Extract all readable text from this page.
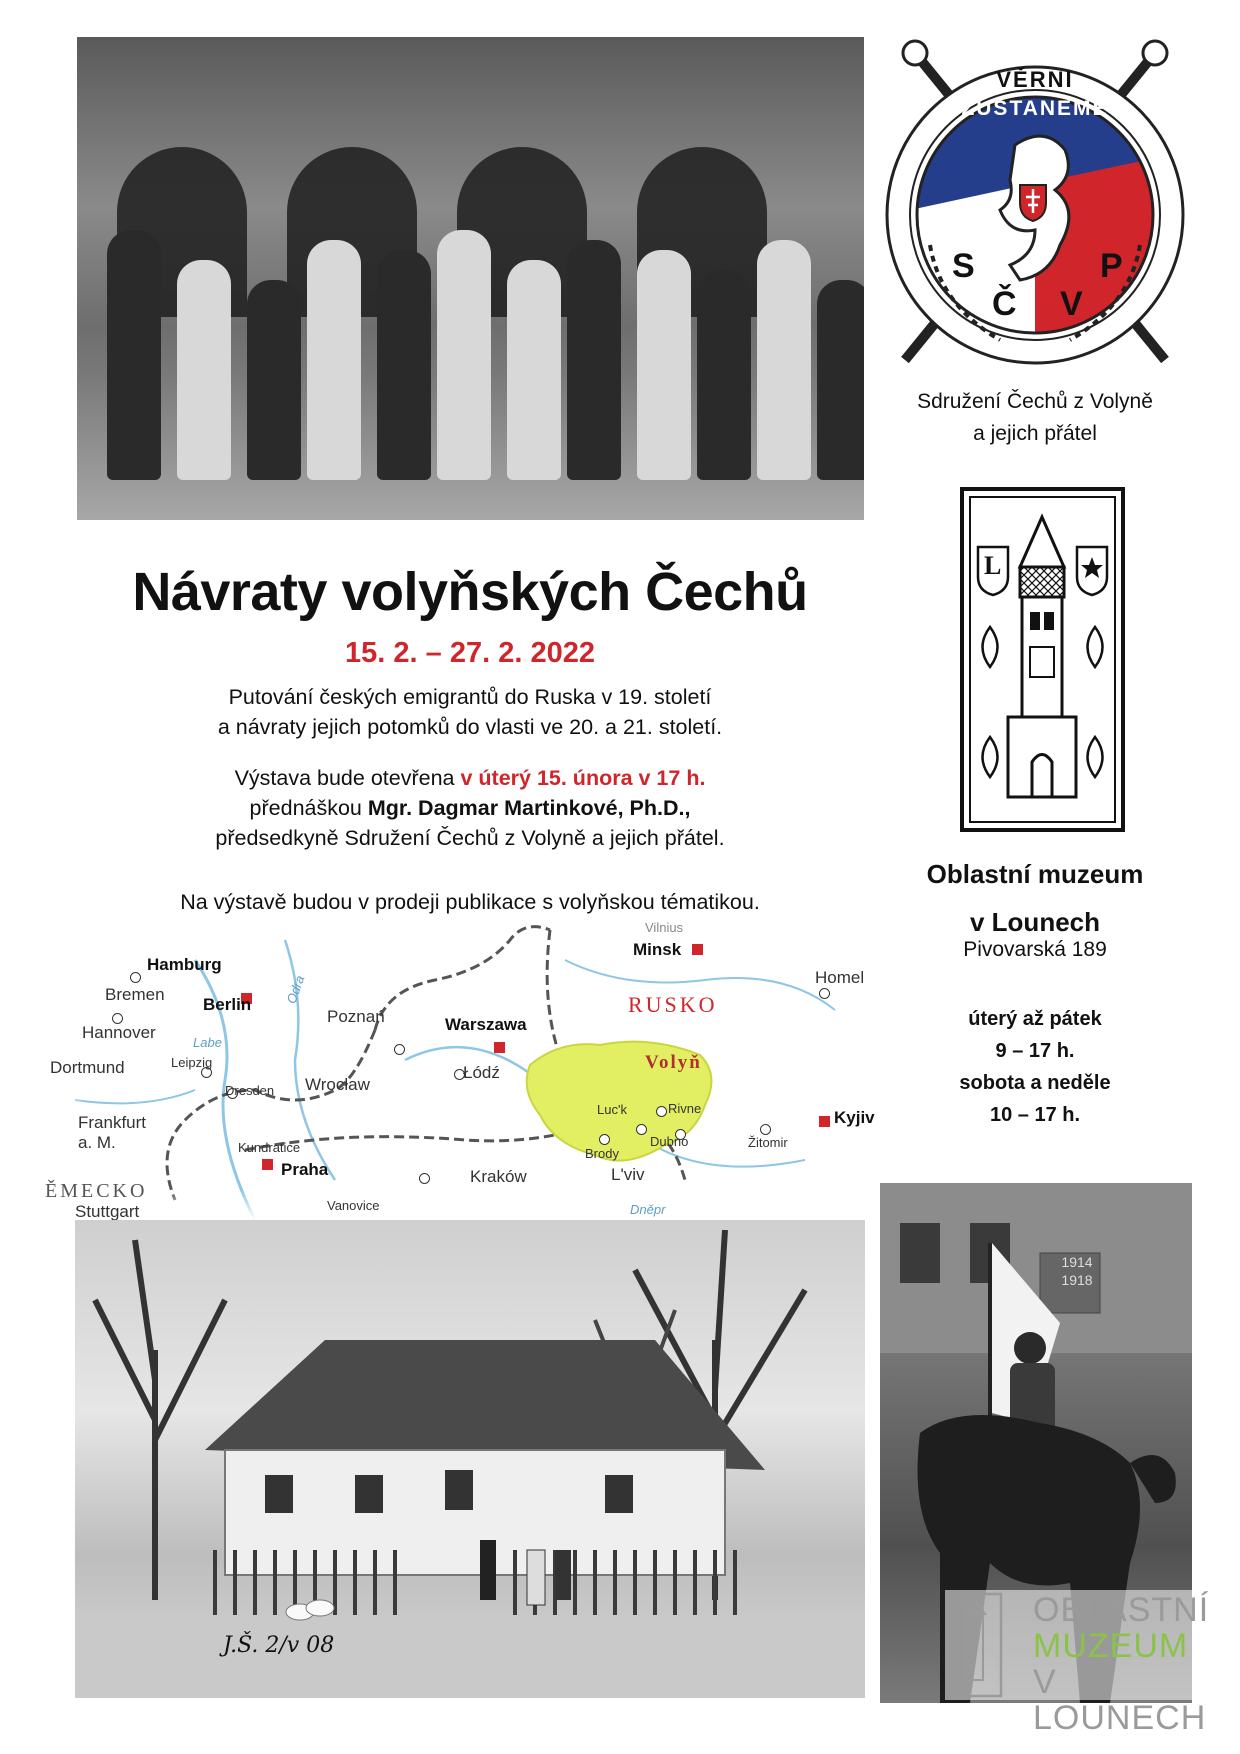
VĚRNI
ZŮSTANEME
S	P
Č V
Sdružení Čechů z Volyně
a jejich přátel
L
Oblastní muzeum
v Lounech
Pivovarská 189
úterý až pátek
9 – 17 h.
sobota a neděle
10 – 17 h.
Návraty volyňských Čechů
15. 2. – 27. 2. 2022
Putování českých emigrantů do Ruska v 19. století
a návraty jejich potomků do vlasti ve 20. a 21. století.
Výstava bude otevřena v úterý 15. února v 17 h.
přednáškou Mgr. Dagmar Martinkové, Ph.D.,
předsedkyně Sdružení Čechů z Volyně a jejich přátel.
Na výstavě budou v prodeji publikace s volyňskou tématikou.
RUSKO
Volyň
ĚMECKO
Hamburg
Bremen
Berlin
Hannover
Dortmund	Leipzig
Dresden
Frankfurt
a. M.
Stuttgart
Kundratice
Praha
Vanovice
Poznań
Wrocław
Warszawa
Łódź
Kraków
Minsk
Homel
Luc'k	Rivne
Dubno
Brody
L'viv
Žitomir
Kyjiv
Labe
Odra
Vilnius
Dněpr
J.Š. 2/v 08
1914
1918
OBLASTNÍ
MUZEUM
V LOUNECH
